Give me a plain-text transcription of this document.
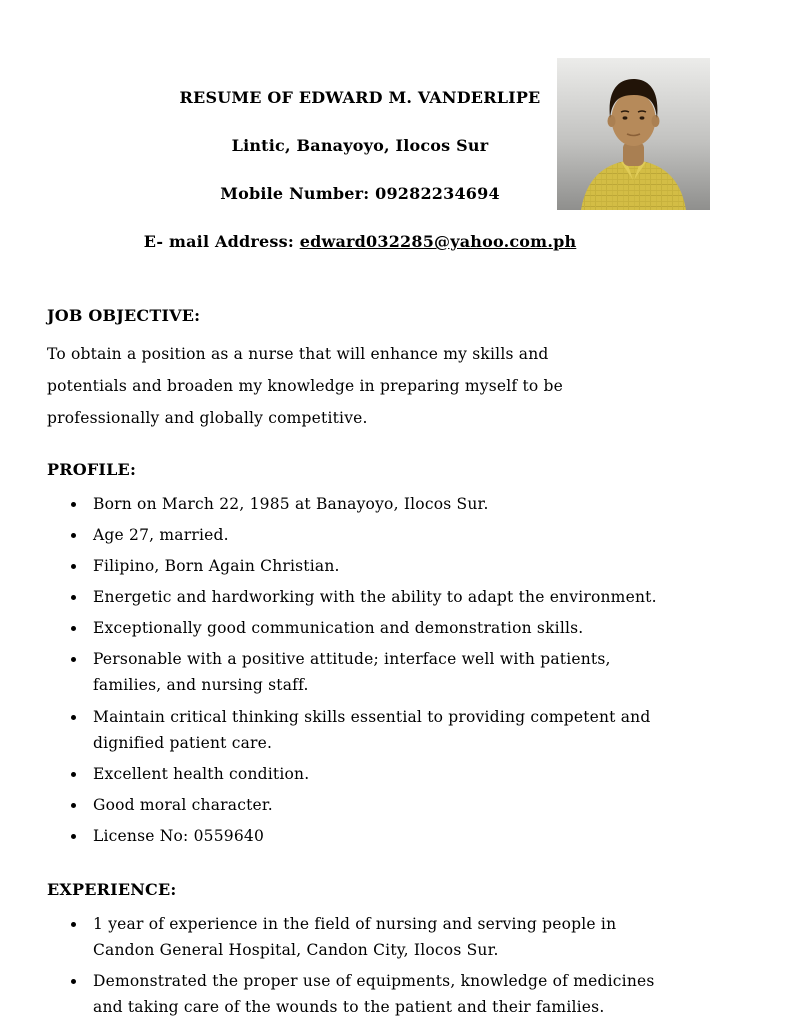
RESUME OF EDWARD M. VANDERLIPE

Lintic, Banayoyo, Ilocos Sur

Mobile Number: 09282234694

E- mail Address: edward032285@yahoo.com.ph

JOB OBJECTIVE:

To obtain a position as a nurse that will enhance my skills and potentials and broaden my knowledge in preparing myself to be professionally and globally competitive.

PROFILE:
• Born on March 22, 1985 at Banayoyo, Ilocos Sur.
• Age 27, married.
• Filipino, Born Again Christian.
• Energetic and hardworking with the ability to adapt the environment.
• Exceptionally good communication and demonstration skills.
• Personable with a positive attitude; interface well with patients, families, and nursing staff.
• Maintain critical thinking skills essential to providing competent and dignified patient care.
• Excellent health condition.
• Good moral character.
• License No: 0559640
EXPERIENCE:
• 1 year of experience in the field of nursing and serving people in Candon General Hospital, Candon City, Ilocos Sur.
• Demonstrated the proper use of equipments, knowledge of medicines and taking care of the wounds to the patient and their families.
